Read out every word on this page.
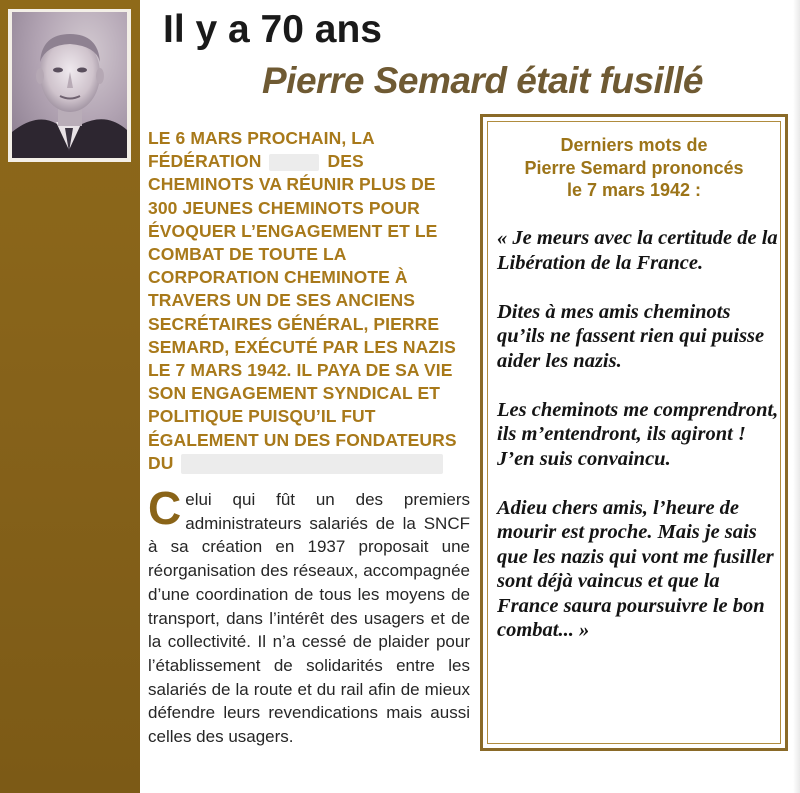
Il y a 70 ans
Pierre Semard était fusillé

LE 6 MARS PROCHAIN, LA FÉDÉRATION	DES CHEMINOTS VA RÉUNIR PLUS DE 300 JEUNES CHEMINOTS POUR ÉVOQUER L’ENGAGEMENT ET LE COMBAT DE TOUTE LA CORPORATION CHEMINOTE À TRAVERS UN DE SES ANCIENS SECRÉTAIRES GÉNÉRAL, PIERRE SEMARD, EXÉCUTÉ PAR LES NAZIS LE 7 MARS 1942. IL PAYA DE SA VIE SON ENGAGEMENT SYNDICAL ET POLITIQUE PUISQU’IL FUT ÉGALEMENT UN DES FONDATEURS DU

Celui qui fût un des premiers administrateurs salariés de la SNCF à sa création en 1937 proposait une réorganisation des réseaux, accompagnée d’une coordination de tous les moyens de transport, dans l’intérêt des usagers et de la collectivité. Il n’a cessé de plaider pour l’établissement de solidarités entre les salariés de la route et du rail afin de mieux défendre leurs revendications mais aussi celles des usagers.

Derniers mots de
Pierre Semard prononcés
le 7 mars 1942 :

« Je meurs avec la certitude de la Libération de la France.

Dites à mes amis cheminots qu’ils ne fassent rien qui puisse aider les nazis.

Les cheminots me comprendront, ils m’entendront, ils agiront ! J’en suis convaincu.

Adieu chers amis, l’heure de mourir est proche. Mais je sais que les nazis qui vont me fusiller sont déjà vaincus et que la France saura poursuivre le bon combat... »
